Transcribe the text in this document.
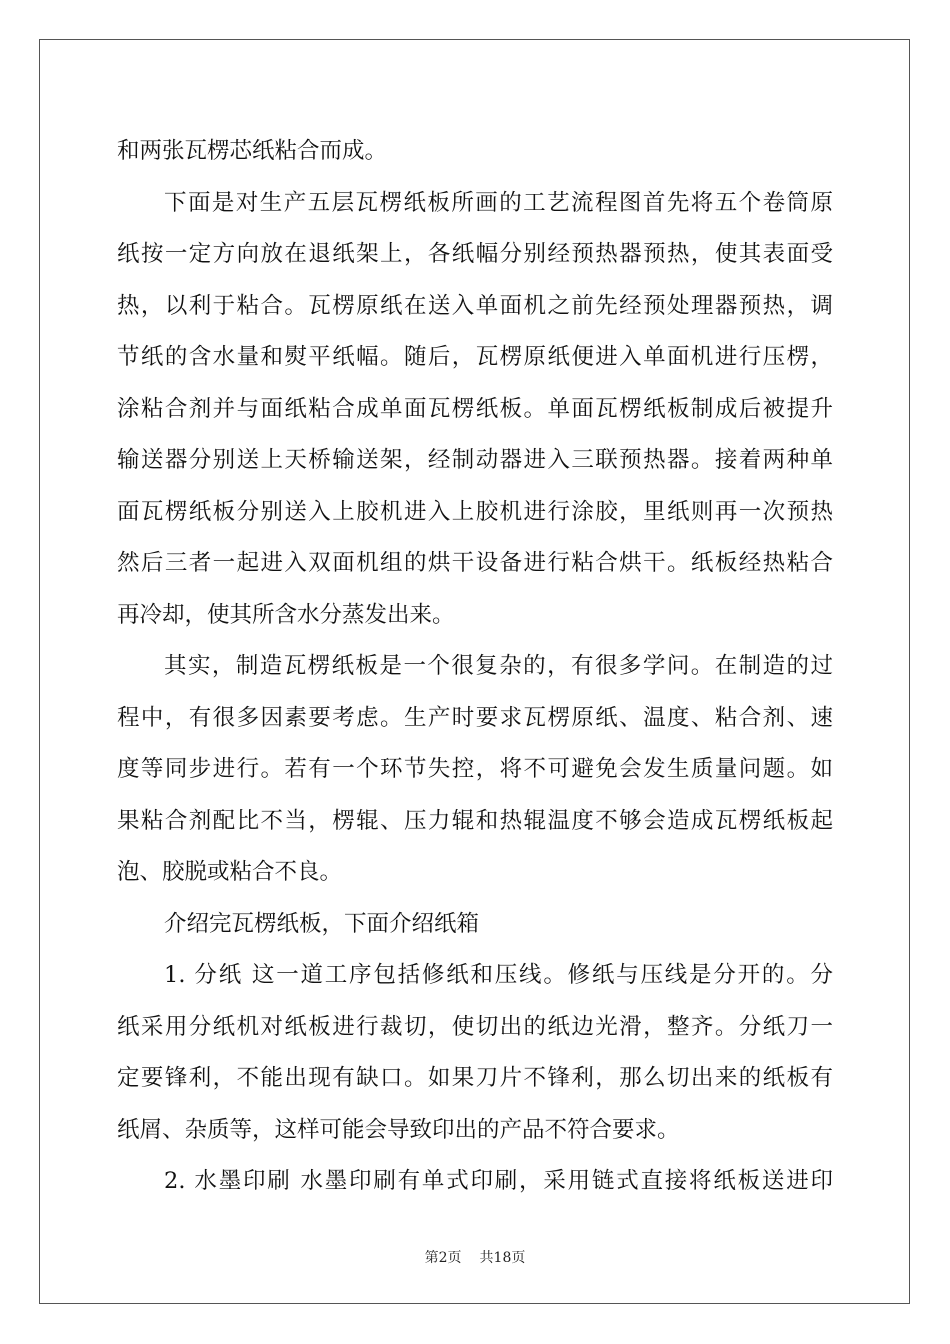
和两张瓦楞芯纸粘合而成。
下面是对生产五层瓦楞纸板所画的工艺流程图首先将五个卷筒原
纸按一定方向放在退纸架上，各纸幅分别经预热器预热，使其表面受
热，以利于粘合。瓦楞原纸在送入单面机之前先经预处理器预热，调
节纸的含水量和熨平纸幅。随后，瓦楞原纸便进入单面机进行压楞，
涂粘合剂并与面纸粘合成单面瓦楞纸板。单面瓦楞纸板制成后被提升
输送器分别送上天桥输送架，经制动器进入三联预热器。接着两种单
面瓦楞纸板分别送入上胶机进入上胶机进行涂胶，里纸则再一次预热
然后三者一起进入双面机组的烘干设备进行粘合烘干。纸板经热粘合
再冷却，使其所含水分蒸发出来。
其实，制造瓦楞纸板是一个很复杂的，有很多学问。在制造的过
程中，有很多因素要考虑。生产时要求瓦楞原纸、温度、粘合剂、速
度等同步进行。若有一个环节失控，将不可避免会发生质量问题。如
果粘合剂配比不当，楞辊、压力辊和热辊温度不够会造成瓦楞纸板起
泡、胶脱或粘合不良。
介绍完瓦楞纸板，下面介绍纸箱
1. 分纸 这一道工序包括修纸和压线。修纸与压线是分开的。分
纸采用分纸机对纸板进行裁切，使切出的纸边光滑，整齐。分纸刀一
定要锋利，不能出现有缺口。如果刀片不锋利，那么切出来的纸板有
纸屑、杂质等，这样可能会导致印出的产品不符合要求。
2. 水墨印刷 水墨印刷有单式印刷，采用链式直接将纸板送进印
第2页 共18页
